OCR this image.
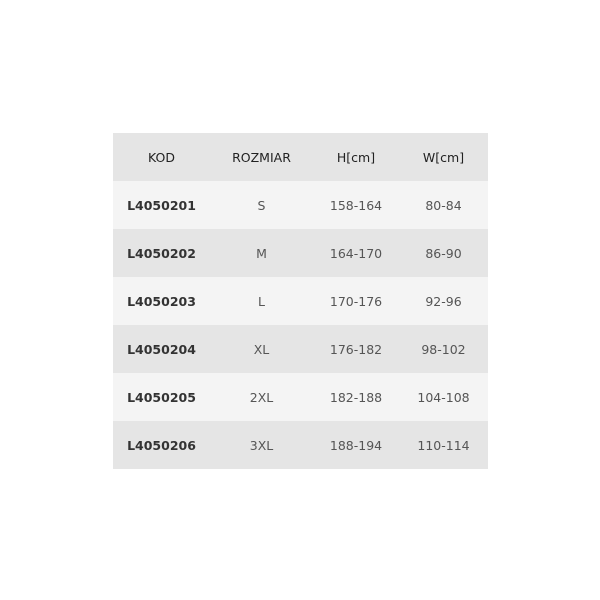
KOD	ROZMIAR	H[cm]	W[cm]
L4050201	S	158-164	80-84
L4050202	M	164-170	86-90
L4050203	L	170-176	92-96
L4050204	XL	176-182	98-102
L4050205	2XL	182-188	104-108
L4050206	3XL	188-194	110-114
